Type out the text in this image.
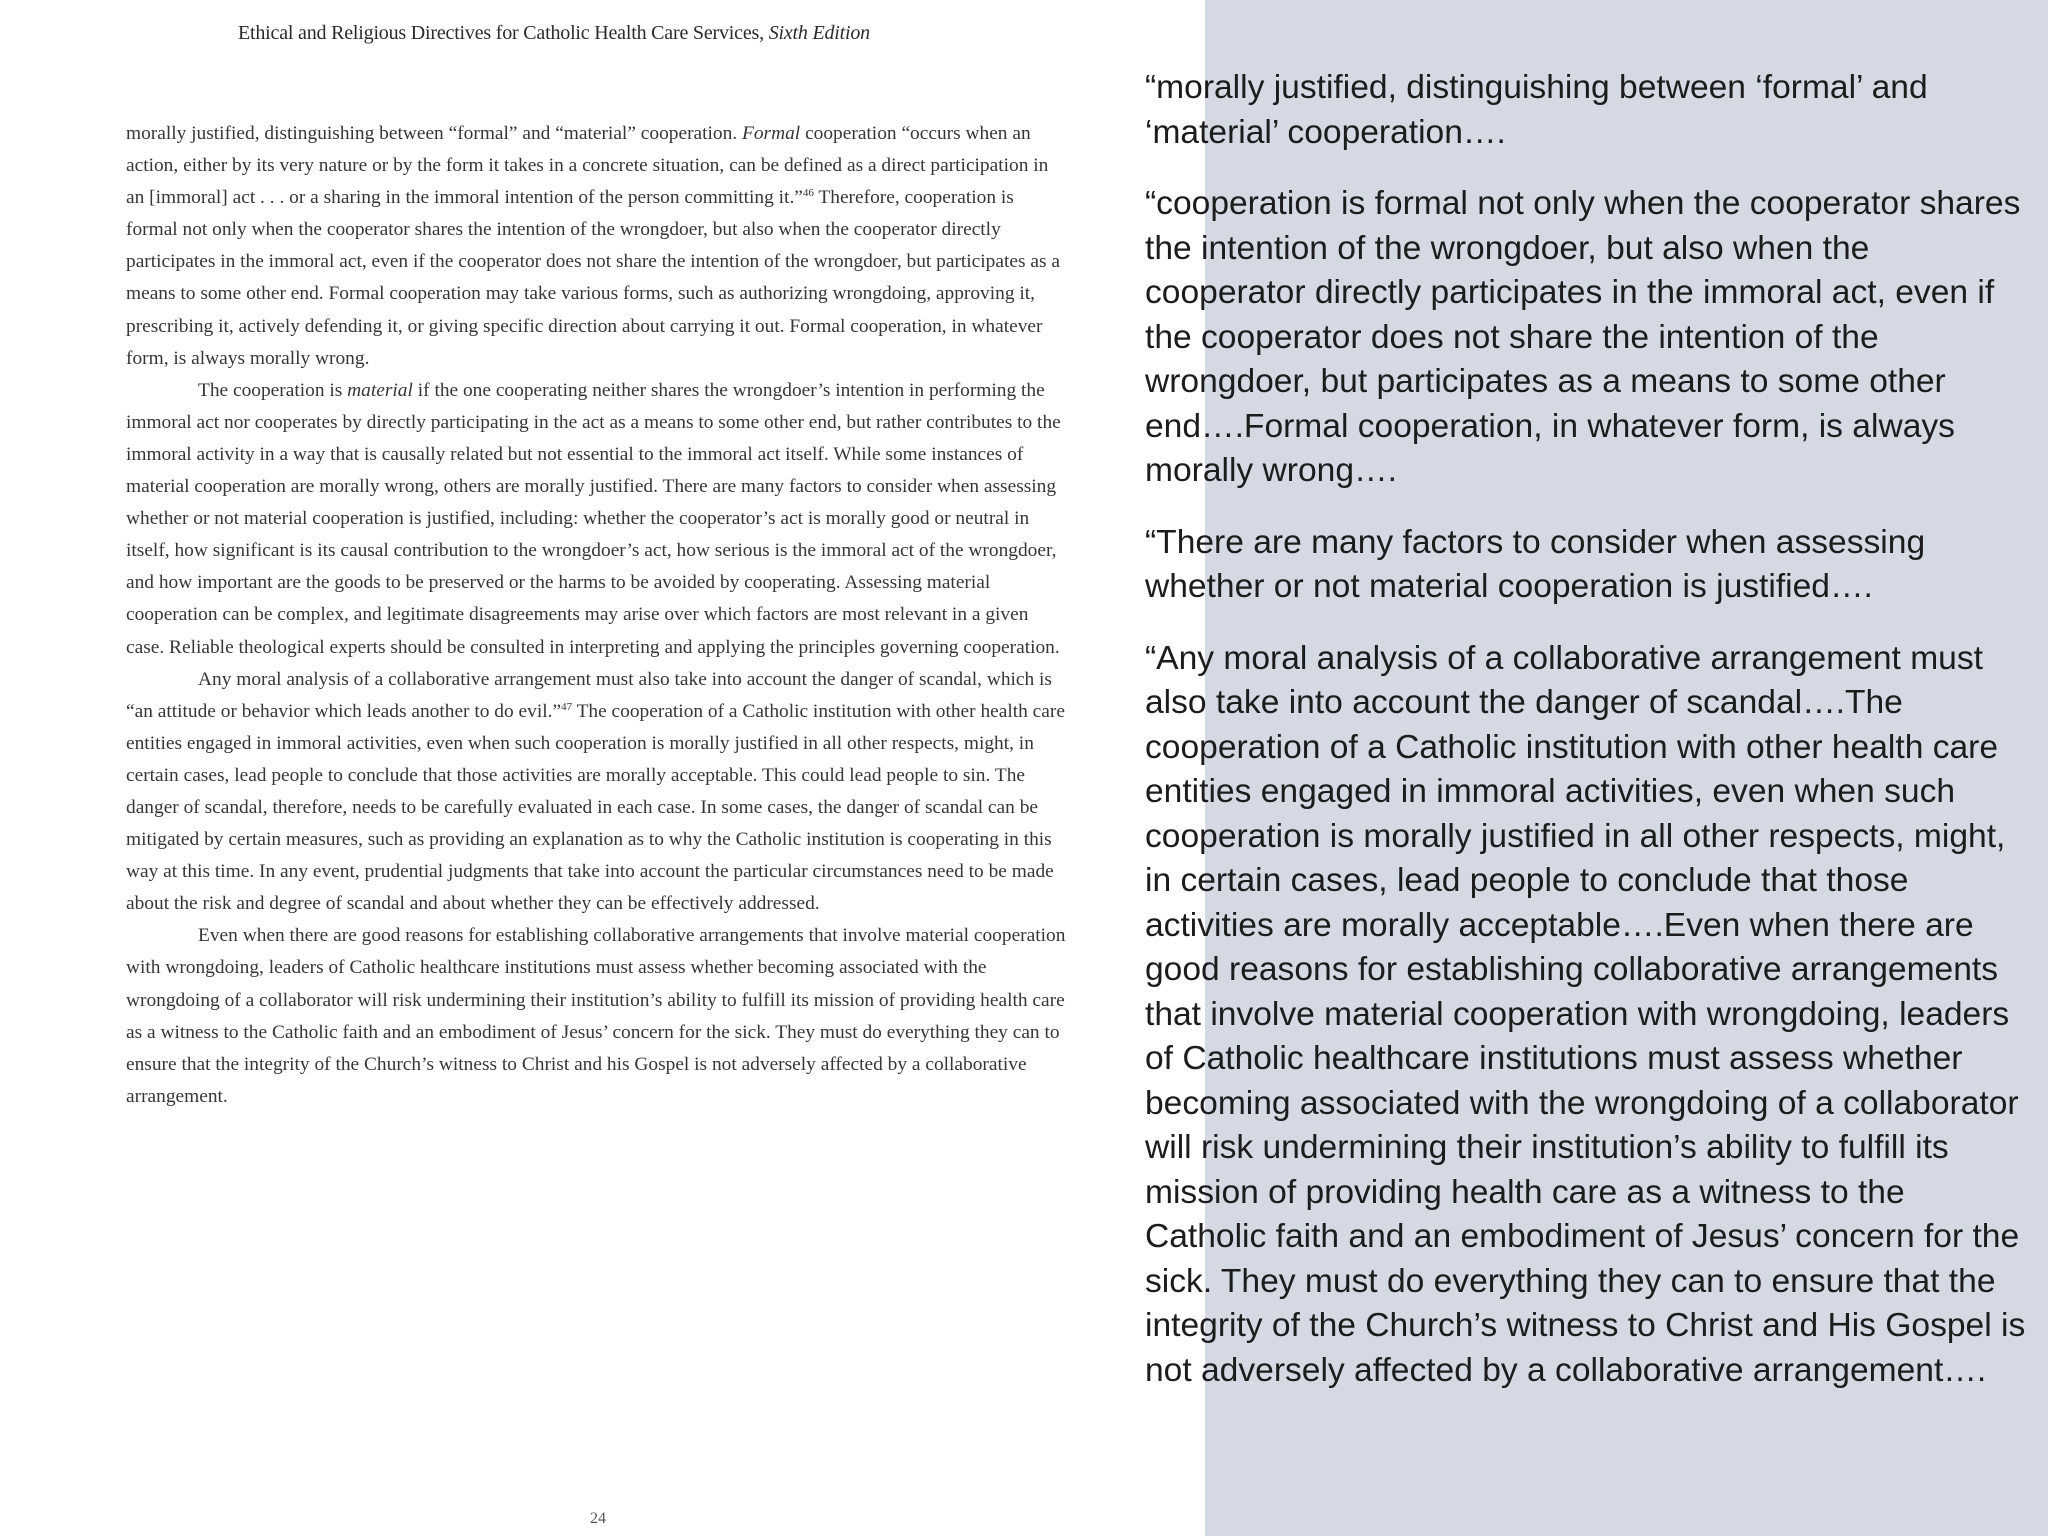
Ethical and Religious Directives for Catholic Health Care Services, Sixth Edition

morally justified, distinguishing between “formal” and “material” cooperation. Formal cooperation “occurs when an action, either by its very nature or by the form it takes in a concrete situation, can be defined as a direct participation in an [immoral] act . . . or a sharing in the immoral intention of the person committing it.”$^{46}$ Therefore, cooperation is formal not only when the cooperator shares the intention of the wrongdoer, but also when the cooperator directly participates in the immoral act, even if the cooperator does not share the intention of the wrongdoer, but participates as a means to some other end. Formal cooperation may take various forms, such as authorizing wrongdoing, approving it, prescribing it, actively defending it, or giving specific direction about carrying it out. Formal cooperation, in whatever form, is always morally wrong.

The cooperation is material if the one cooperating neither shares the wrongdoer’s intention in performing the immoral act nor cooperates by directly participating in the act as a means to some other end, but rather contributes to the immoral activity in a way that is causally related but not essential to the immoral act itself. While some instances of material cooperation are morally wrong, others are morally justified. There are many factors to consider when assessing whether or not material cooperation is justified, including: whether the cooperator’s act is morally good or neutral in itself, how significant is its causal contribution to the wrongdoer’s act, how serious is the immoral act of the wrongdoer, and how important are the goods to be preserved or the harms to be avoided by cooperating. Assessing material cooperation can be complex, and legitimate disagreements may arise over which factors are most relevant in a given case. Reliable theological experts should be consulted in interpreting and applying the principles governing cooperation.

Any moral analysis of a collaborative arrangement must also take into account the danger of scandal, which is “an attitude or behavior which leads another to do evil.”$^{47}$ The cooperation of a Catholic institution with other health care entities engaged in immoral activities, even when such cooperation is morally justified in all other respects, might, in certain cases, lead people to conclude that those activities are morally acceptable. This could lead people to sin. The danger of scandal, therefore, needs to be carefully evaluated in each case. In some cases, the danger of scandal can be mitigated by certain measures, such as providing an explanation as to why the Catholic institution is cooperating in this way at this time. In any event, prudential judgments that take into account the particular circumstances need to be made about the risk and degree of scandal and about whether they can be effectively addressed.

Even when there are good reasons for establishing collaborative arrangements that involve material cooperation with wrongdoing, leaders of Catholic healthcare institutions must assess whether becoming associated with the wrongdoing of a collaborator will risk undermining their institution’s ability to fulfill its mission of providing health care as a witness to the Catholic faith and an embodiment of Jesus’ concern for the sick. They must do everything they can to ensure that the integrity of the Church’s witness to Christ and his Gospel is not adversely affected by a collaborative arrangement.

24

“morally justified, distinguishing between ‘formal’ and ‘material’ cooperation….

“cooperation is formal not only when the cooperator shares the intention of the wrongdoer, but also when the cooperator directly participates in the immoral act, even if the cooperator does not share the intention of the wrongdoer, but participates as a means to some other end….Formal cooperation, in whatever form, is always morally wrong….

“There are many factors to consider when assessing whether or not material cooperation is justified….

“Any moral analysis of a collaborative arrangement must also take into account the danger of scandal….The cooperation of a Catholic institution with other health care entities engaged in immoral activities, even when such cooperation is morally justified in all other respects, might, in certain cases, lead people to conclude that those activities are morally acceptable….Even when there are good reasons for establishing collaborative arrangements that involve material cooperation with wrongdoing, leaders of Catholic healthcare institutions must assess whether becoming associated with the wrongdoing of a collaborator will risk undermining their institution’s ability to fulfill its mission of providing health care as a witness to the Catholic faith and an embodiment of Jesus’ concern for the sick. They must do everything they can to ensure that the integrity of the Church’s witness to Christ and His Gospel is not adversely affected by a collaborative arrangement….
